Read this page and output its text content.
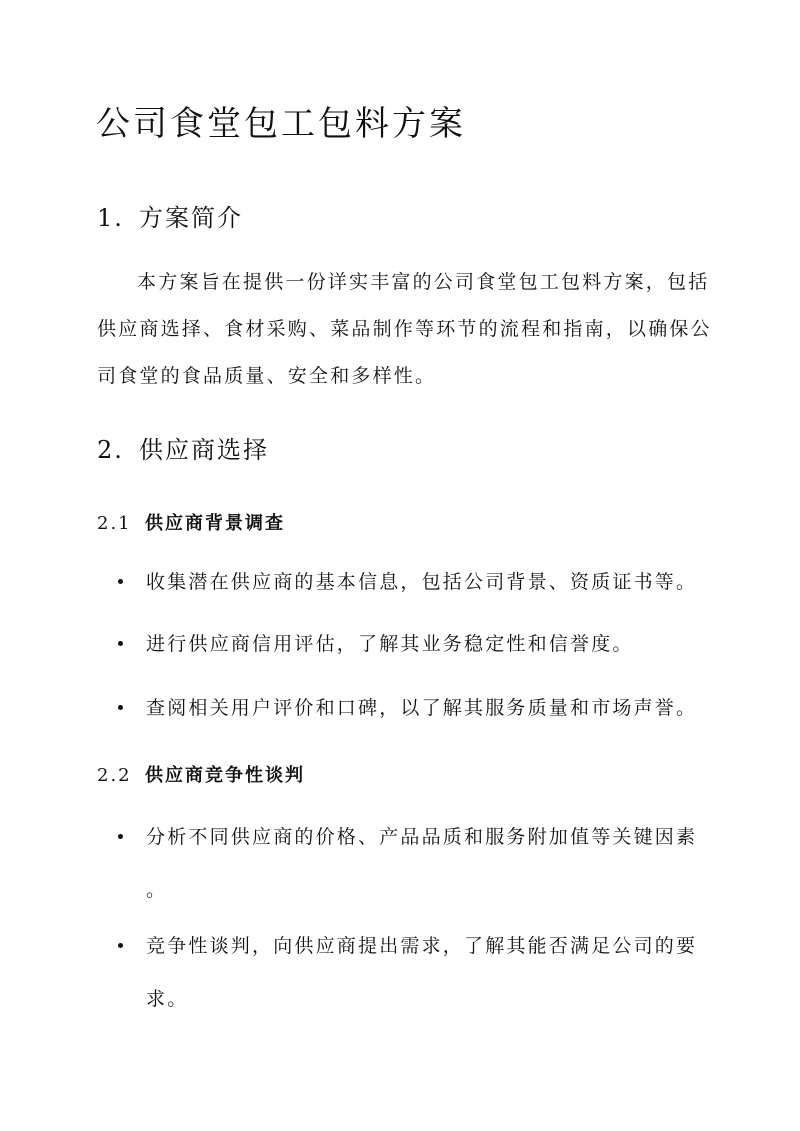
公司食堂包工包料方案
1. 方案简介

本方案旨在提供一份详实丰富的公司食堂包工包料方案，包括
供应商选择、食材采购、菜品制作等环节的流程和指南，以确保公
司食堂的食品质量、安全和多样性。

2. 供应商选择
2.1 供应商背景调查
收集潜在供应商的基本信息，包括公司背景、资质证书等。
进行供应商信用评估，了解其业务稳定性和信誉度。
查阅相关用户评价和口碑，以了解其服务质量和市场声誉。
2.2 供应商竞争性谈判
分析不同供应商的价格、产品品质和服务附加值等关键因素
。
竞争性谈判，向供应商提出需求，了解其能否满足公司的要
求。
